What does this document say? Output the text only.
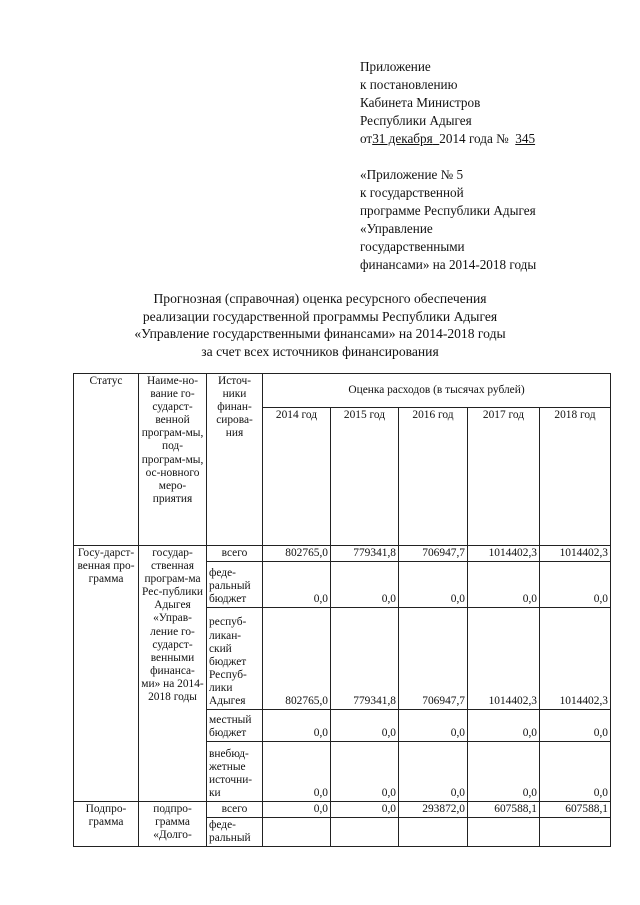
Приложение
к постановлению
Кабинета Министров
Республики Адыгея
от31 декабря 2014 года № 345
«Приложение № 5
к государственной
программе Республики Адыгея
«Управление
государственными
финансами» на 2014-2018 годы
Прогнозная (справочная) оценка ресурсного обеспечения
реализации государственной программы Республики Адыгея
«Управление государственными финансами» на 2014-2018 годы
за счет всех источников финансирования
Статус	Наиме-но-вание го-сударст-венной програм-мы, под-програм-мы, ос-новного меро-приятия	Источ-ники финан-сирова-ния	Оценка расходов (в тысячах рублей)				
			2014 год	2015 год	2016 год	2017 год	2018 год
Госу-дарст-венная про-грамма	государ-ственная програм-ма Рес-публики Адыгея «Управ-ление го-сударст-венными финансa-ми» на 2014-2018 годы	всего	802765,0	779341,8	706947,7	1014402,3	1014402,3
		феде-ральный бюджет	0,0	0,0	0,0	0,0	0,0
		респуб-ликан-ский бюджет Респуб-лики Адыгея	802765,0	779341,8	706947,7	1014402,3	1014402,3
		местный бюджет	0,0	0,0	0,0	0,0	0,0
		внебюд-жетные источни-ки	0,0	0,0	0,0	0,0	0,0
Подпро-грамма	подпро-грамма «Долго-	всего	0,0	0,0	293872,0	607588,1	607588,1
		феде-ральный					
